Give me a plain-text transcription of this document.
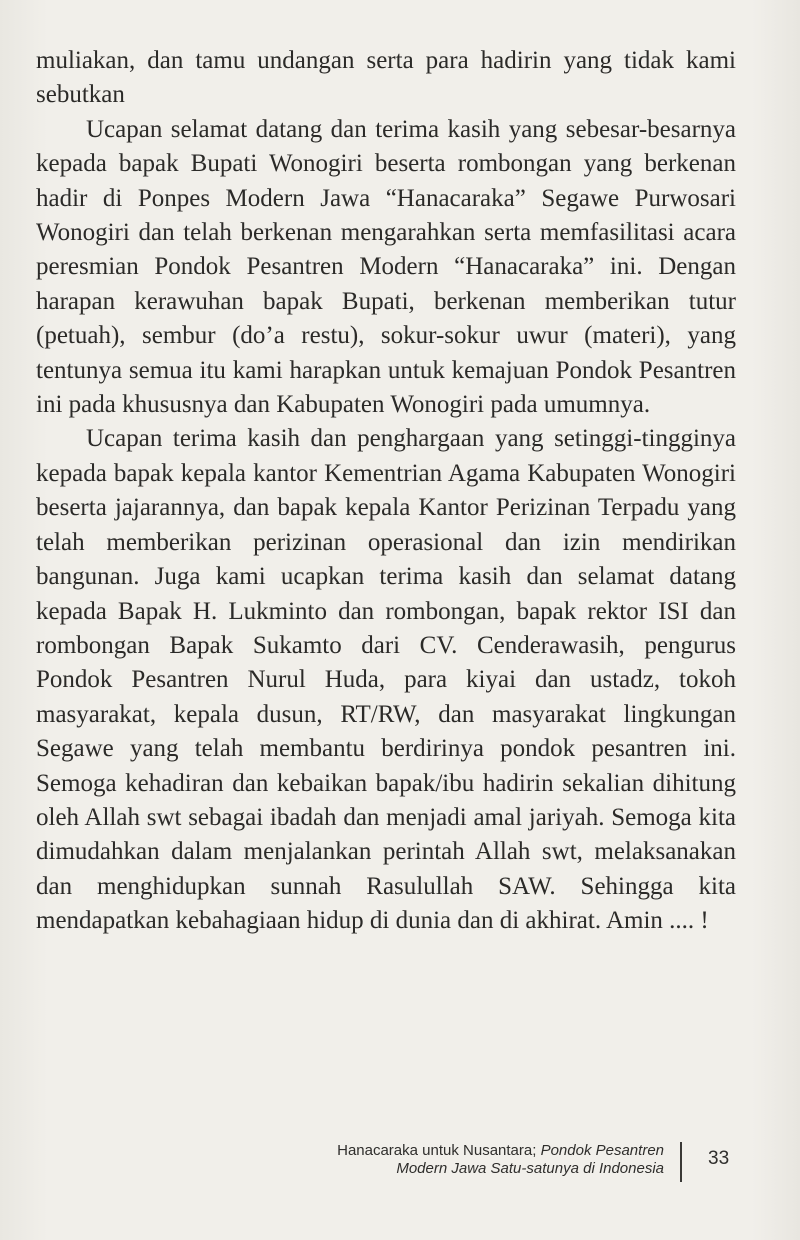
muliakan, dan tamu undangan serta para hadirin yang tidak kami sebutkan

Ucapan selamat datang dan terima kasih yang sebesar-besarnya kepada bapak Bupati Wonogiri beserta rombongan yang berkenan hadir di Ponpes Modern Jawa “Hanacaraka” Segawe Purwosari Wonogiri dan telah berkenan mengarahkan serta memfasilitasi acara peresmian Pondok Pesantren Modern “Hanacaraka” ini. Dengan harapan kerawuhan bapak Bupati, berkenan memberikan tutur (petuah), sembur (do’a restu), sokur-sokur uwur (materi), yang tentunya semua itu kami harapkan untuk kemajuan Pondok Pesantren ini pada khususnya dan Kabupaten Wonogiri pada umumnya.

Ucapan terima kasih dan penghargaan yang setinggi-tingginya kepada bapak kepala kantor Kementrian Agama Kabupaten Wonogiri beserta jajarannya, dan bapak kepala Kantor Perizinan Terpadu yang telah memberikan perizinan operasional dan izin mendirikan bangunan. Juga kami ucapkan terima kasih dan selamat datang kepada Bapak H. Lukminto dan rombongan, bapak rektor ISI dan rombongan Bapak Sukamto dari CV. Cenderawasih, pengurus Pondok Pesantren Nurul Huda, para kiyai dan ustadz, tokoh masyarakat, kepala dusun, RT/RW, dan masyarakat lingkungan Segawe yang telah membantu berdirinya pondok pesantren ini. Semoga kehadiran dan kebaikan bapak/ibu hadirin sekalian dihitung oleh Allah swt sebagai ibadah dan menjadi amal jariyah. Semoga kita dimudahkan dalam menjalankan perintah Allah swt, melaksanakan dan menghidupkan sunnah Rasulullah SAW. Sehingga kita mendapatkan kebahagiaan hidup di dunia dan di akhirat. Amin .... !

Hanacaraka untuk Nusantara; Pondok Pesantren
Modern Jawa Satu-satunya di Indonesia 33
